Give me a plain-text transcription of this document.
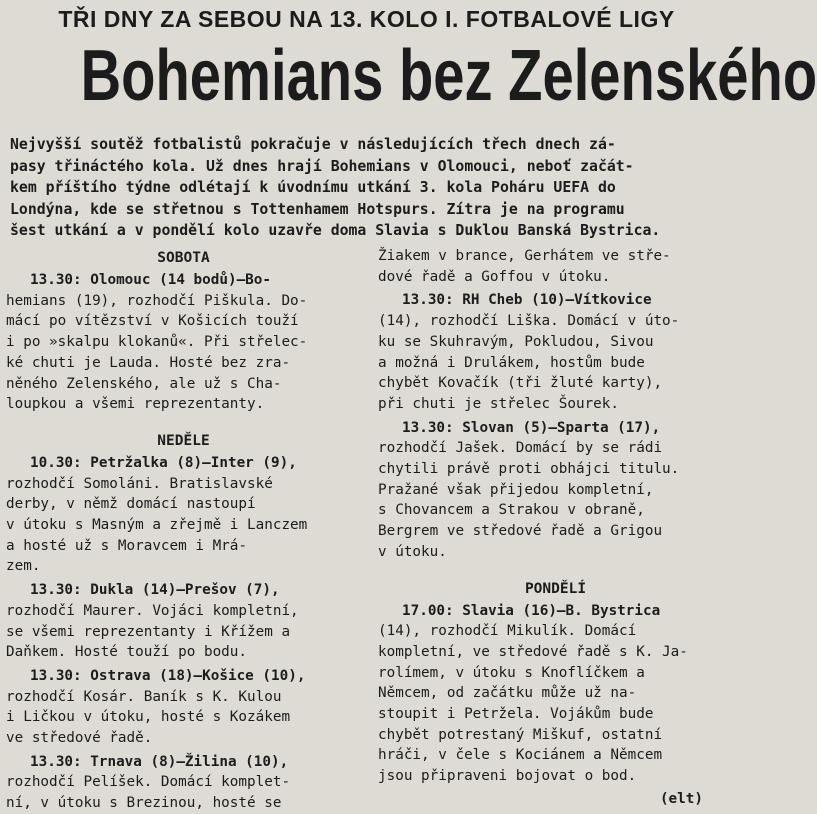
TŘI DNY ZA SEBOU NA 13. KOLO I. FOTBALOVÉ LIGY
Bohemians bez Zelenského
Nejvyšší soutěž fotbalistů pokračuje v následujících třech dnech zá-
pasy třináctého kola. Už dnes hrají Bohemians v Olomouci, neboť začát-
kem příštího týdne odlétají k úvodnímu utkání 3. kola Poháru UEFA do
Londýna, kde se střetnou s Tottenhamem Hotspurs. Zítra je na programu
šest utkání a v pondělí kolo uzavře doma Slavia s Duklou Banská Bystrica.
SOBOTA
13.30: Olomouc (14 bodů)—Bo-
hemians (19), rozhodčí Piškula. Do-
mácí po vítězství v Košicích touží
i po »skalpu klokanů«. Při střelec-
ké chuti je Lauda. Hosté bez zra-
něného Zelenského, ale už s Cha-
loupkou a všemi reprezentanty.
NEDĚLE
10.30: Petržalka (8)—Inter (9),
rozhodčí Somoláni. Bratislavské
derby, v němž domácí nastoupí
v útoku s Masným a zřejmě i Lanczem
a hosté už s Moravcem i Mrá-
zem.
13.30: Dukla (14)—Prešov (7),
rozhodčí Maurer. Vojáci kompletní,
se všemi reprezentanty i Křížem a
Daňkem. Hosté touží po bodu.
13.30: Ostrava (18)—Košice (10),
rozhodčí Kosár. Baník s K. Kulou
i Ličkou v útoku, hosté s Kozákem
ve středové řadě.
13.30: Trnava (8)—Žilina (10),
rozhodčí Pelíšek. Domácí komplet-
ní, v útoku s Brezinou, hosté se
Žiakem v brance, Gerhátem ve stře-
dové řadě a Goffou v útoku.
13.30: RH Cheb (10)—Vítkovice
(14), rozhodčí Liška. Domácí v úto-
ku se Skuhravým, Pokludou, Sivou
a možná i Drulákem, hostům bude
chybět Kovačík (tři žluté karty),
při chuti je střelec Šourek.
13.30: Slovan (5)—Sparta (17),
rozhodčí Jašek. Domácí by se rádi
chytili právě proti obhájci titulu.
Pražané však přijedou kompletní,
s Chovancem a Strakou v obraně,
Bergrem ve středové řadě a Grigou
v útoku.
PONDĚLÍ
17.00: Slavia (16)—B. Bystrica
(14), rozhodčí Mikulík. Domácí
kompletní, ve středové řadě s K. Ja-
rolímem, v útoku s Knoflíčkem a
Němcem, od začátku může už na-
stoupit i Petržela. Vojákům bude
chybět potrestaný Miškuf, ostatní
hráči, v čele s Kociánem a Němcem
jsou připraveni bojovat o bod.
(elt)
